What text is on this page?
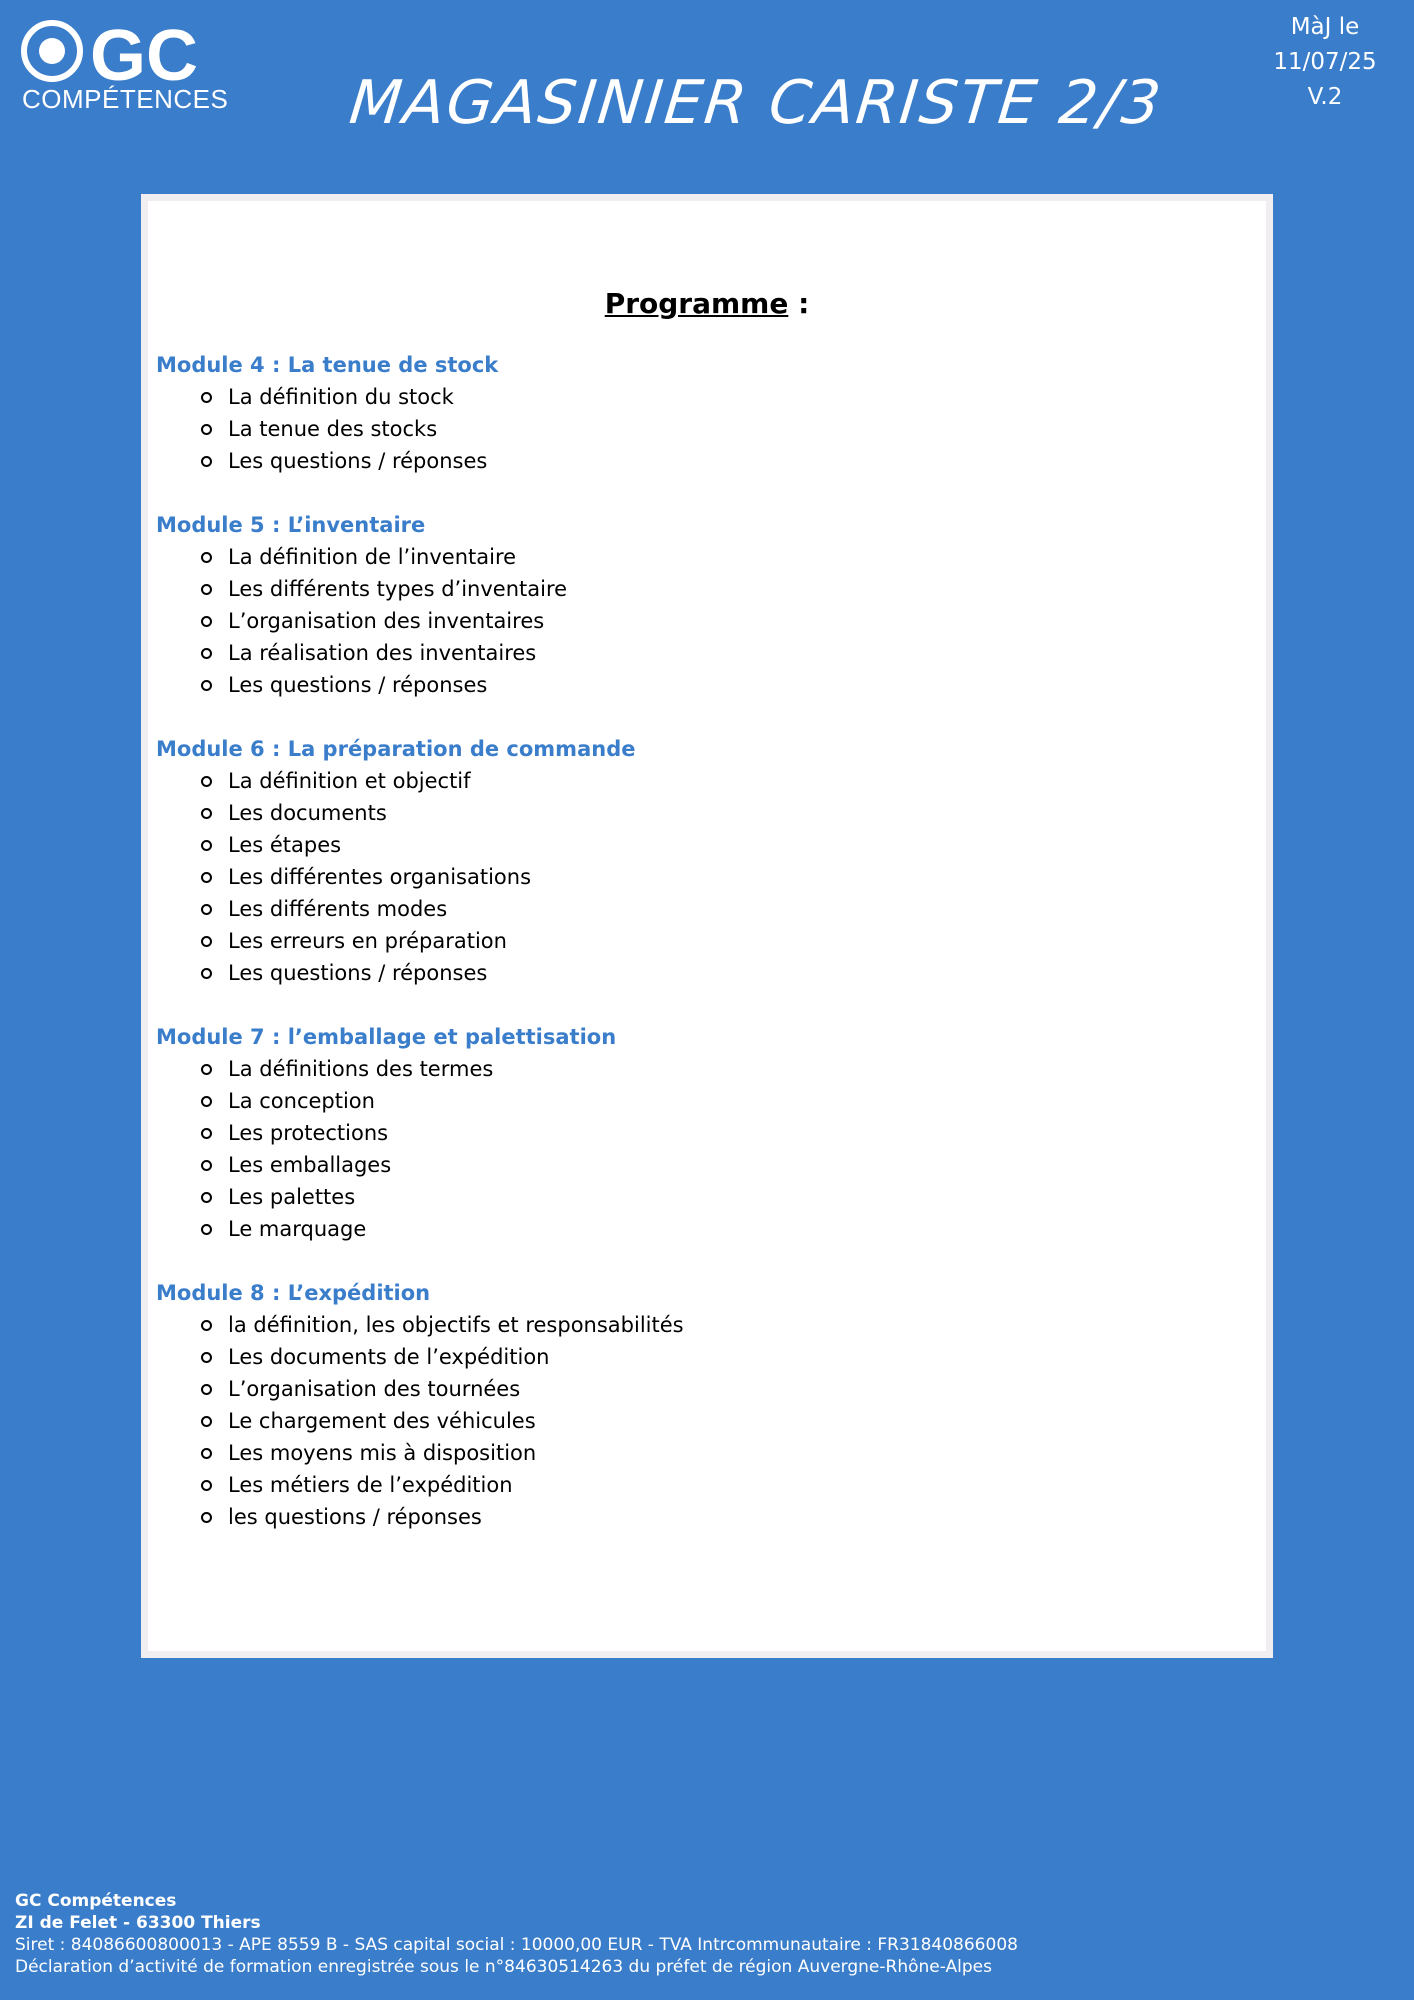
GC
COMPÉTENCES MAGASINIER CARISTE 2/3
MàJ le
11/07/25
V.2
Programme :
Module 4 : La tenue de stock
La définition du stock
La tenue des stocks
Les questions / réponses
Module 5 : L’inventaire
La définition de l’inventaire
Les différents types d’inventaire
L’organisation des inventaires
La réalisation des inventaires
Les questions / réponses
Module 6 : La préparation de commande
La définition et objectif
Les documents
Les étapes
Les différentes organisations
Les différents modes
Les erreurs en préparation
Les questions / réponses
Module 7 : l’emballage et palettisation
La définitions des termes
La conception
Les protections
Les emballages
Les palettes
Le marquage
Module 8 : L’expédition
la définition, les objectifs et responsabilités
Les documents de l’expédition
L’organisation des tournées
Le chargement des véhicules
Les moyens mis à disposition
Les métiers de l’expédition
les questions / réponses
GC Compétences
ZI de Felet - 63300 Thiers
Siret : 84086600800013 - APE 8559 B - SAS capital social : 10000,00 EUR - TVA Intrcommunautaire : FR31840866008
Déclaration d’activité de formation enregistrée sous le n°84630514263 du préfet de région Auvergne-Rhône-Alpes
